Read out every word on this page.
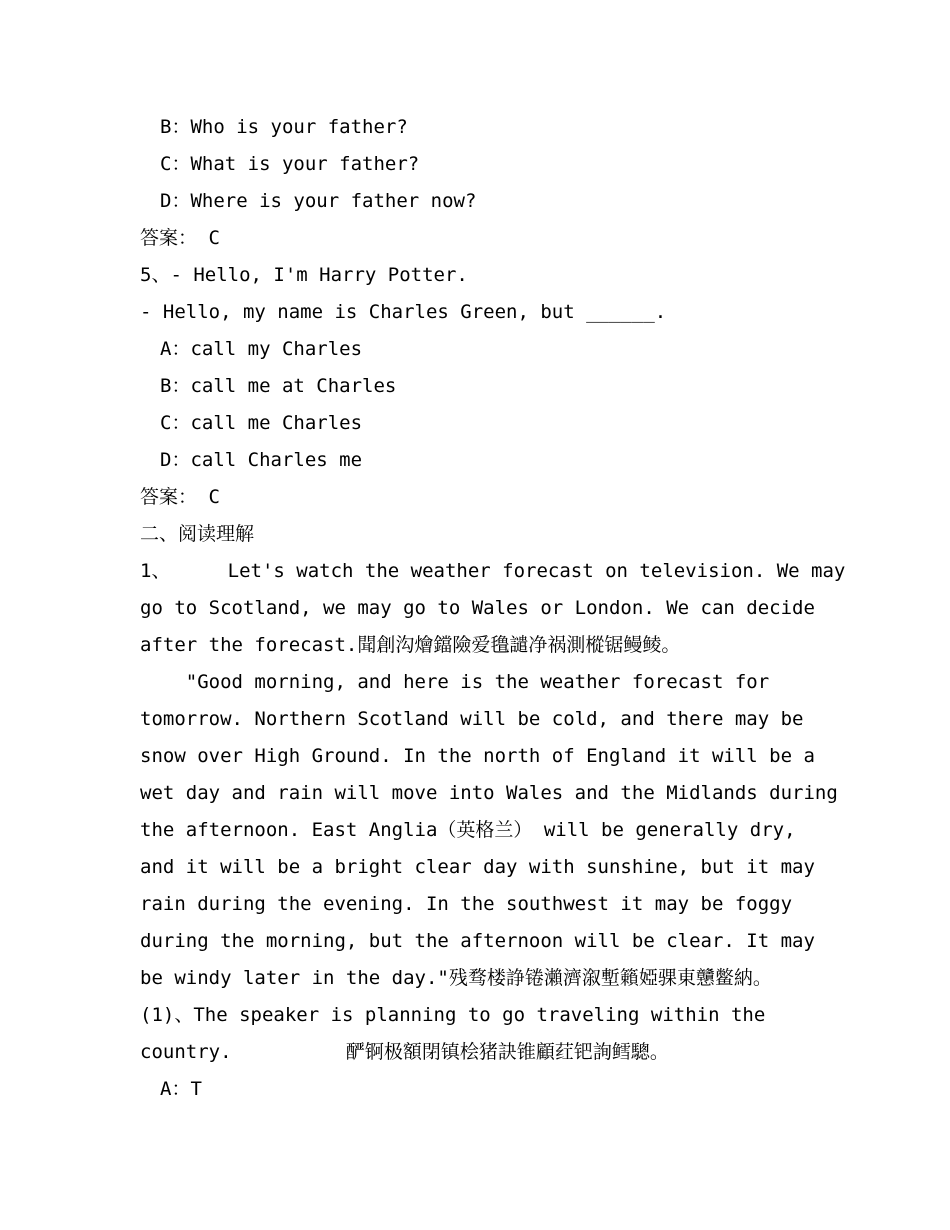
B：Who is your father?
C：What is your father?
D：Where is your father now?
答案： C
5、- Hello, I'm Harry Potter.
- Hello, my name is Charles Green, but ______.
A：call my Charles
B：call me at Charles
C：call me Charles
D：call Charles me
答案： C
二、阅读理解
1、     Let's watch the weather forecast on television. We may
go to Scotland, we may go to Wales or London. We can decide
after the forecast.聞創沟燴鐺險爱氇譴净祸測樅锯鳗鲮。
"Good morning, and here is the weather forecast for
tomorrow. Northern Scotland will be cold, and there may be
snow over High Ground. In the north of England it will be a
wet day and rain will move into Wales and the Midlands during
the afternoon. East Anglia（英格兰） will be generally dry,
and it will be a bright clear day with sunshine, but it may
rain during the evening. In the southwest it may be foggy
during the morning, but the afternoon will be clear. It may
be windy later in the day."残骛楼諍锩瀨濟溆塹籟婭骒東戇鳖納。
(1)、The speaker is planning to go traveling within the
country.          酽锕极額閉镇桧猪訣锥顧荭钯詢鳕驄。
A：T
